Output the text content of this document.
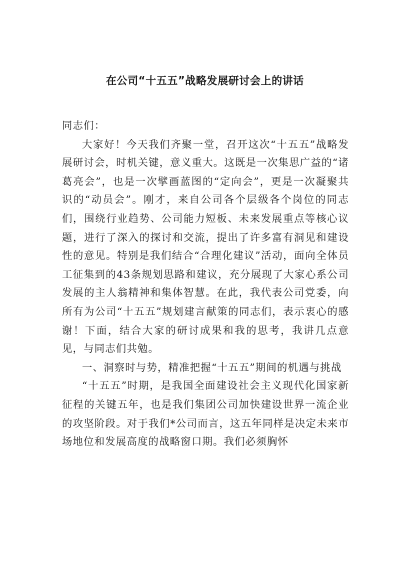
在公司“十五五”战略发展研讨会上的讲话

同志们：

大家好！今天我们齐聚一堂，召开这次“十五五”战略发展研讨会，时机关键，意义重大。这既是一次集思广益的“诸葛亮会”，也是一次擘画蓝图的“定向会”，更是一次凝聚共识的“动员会”。刚才，来自公司各个层级各个岗位的同志们，围绕行业趋势、公司能力短板、未来发展重点等核心议题，进行了深入的探讨和交流，提出了许多富有洞见和建设性的意见。特别是我们结合“合理化建议”活动，面向全体员工征集到的43条规划思路和建议，充分展现了大家心系公司发展的主人翁精神和集体智慧。在此，我代表公司党委，向所有为公司“十五五”规划建言献策的同志们，表示衷心的感谢！下面，结合大家的研讨成果和我的思考，我讲几点意见，与同志们共勉。

一、洞察时与势，精准把握“十五五”期间的机遇与挑战

“十五五”时期，是我国全面建设社会主义现代化国家新征程的关键五年，也是我们集团公司加快建设世界一流企业的攻坚阶段。对于我们*公司而言，这五年同样是决定未来市场地位和发展高度的战略窗口期。我们必须胸怀
